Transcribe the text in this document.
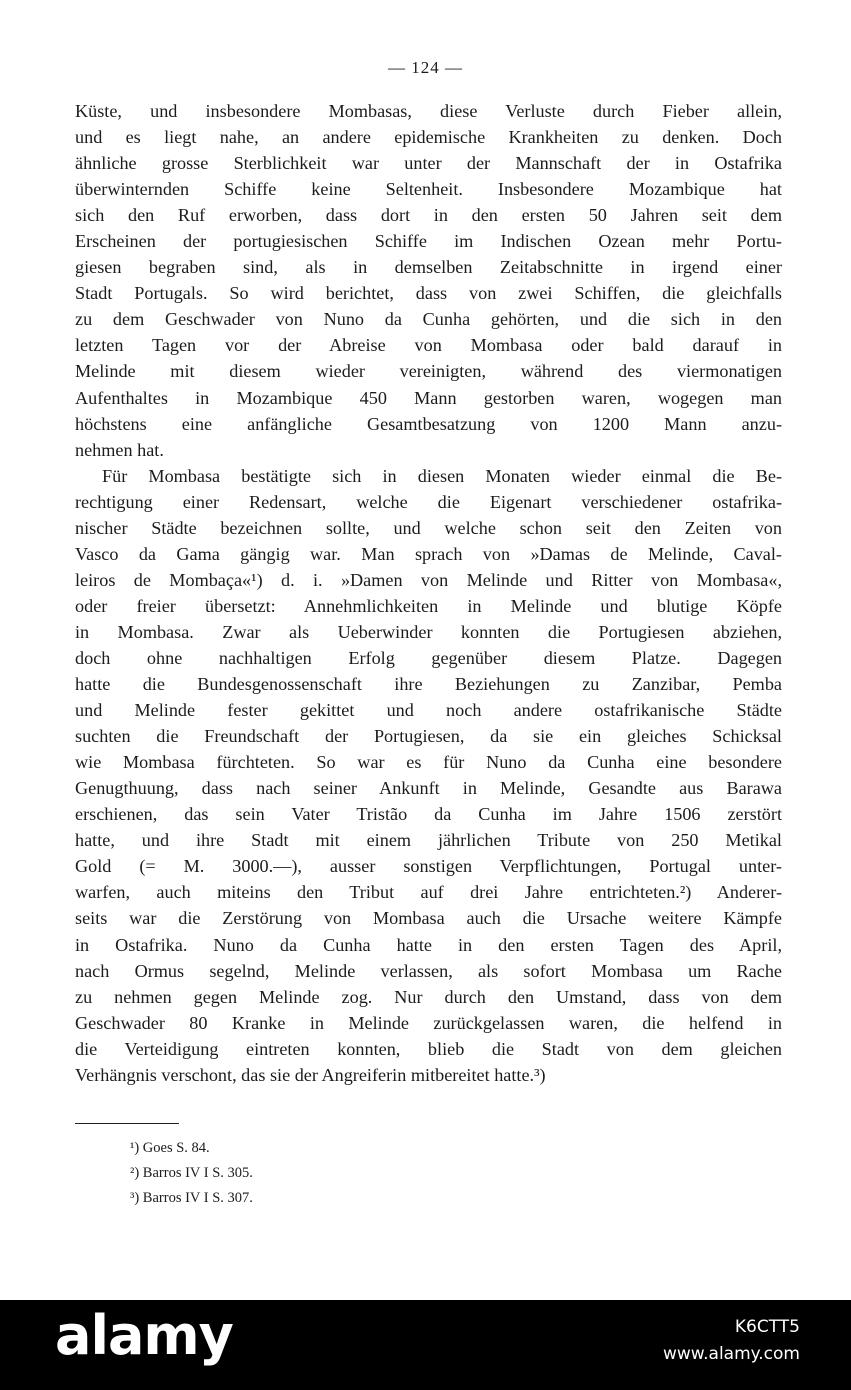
— 124 —
Küste, und insbesondere Mombasas, diese Verluste durch Fieber allein,
und es liegt nahe, an andere epidemische Krankheiten zu denken. Doch
ähnliche grosse Sterblichkeit war unter der Mannschaft der in Ostafrika
überwinternden Schiffe keine Seltenheit. Insbesondere Mozambique hat
sich den Ruf erworben, dass dort in den ersten 50 Jahren seit dem
Erscheinen der portugiesischen Schiffe im Indischen Ozean mehr Portu-
giesen begraben sind, als in demselben Zeitabschnitte in irgend einer
Stadt Portugals. So wird berichtet, dass von zwei Schiffen, die gleichfalls
zu dem Geschwader von Nuno da Cunha gehörten, und die sich in den
letzten Tagen vor der Abreise von Mombasa oder bald darauf in
Melinde mit diesem wieder vereinigten, während des viermonatigen
Aufenthaltes in Mozambique 450 Mann gestorben waren, wogegen man
höchstens eine anfängliche Gesamtbesatzung von 1200 Mann anzu-
nehmen hat.
Für Mombasa bestätigte sich in diesen Monaten wieder einmal die Be-
rechtigung einer Redensart, welche die Eigenart verschiedener ostafrika-
nischer Städte bezeichnen sollte, und welche schon seit den Zeiten von
Vasco da Gama gängig war. Man sprach von »Damas de Melinde, Caval-
leiros de Mombaça«¹) d. i. »Damen von Melinde und Ritter von Mombasa«,
oder freier übersetzt: Annehmlichkeiten in Melinde und blutige Köpfe
in Mombasa. Zwar als Ueberwinder konnten die Portugiesen abziehen,
doch ohne nachhaltigen Erfolg gegenüber diesem Platze. Dagegen
hatte die Bundesgenossenschaft ihre Beziehungen zu Zanzibar, Pemba
und Melinde fester gekittet und noch andere ostafrikanische Städte
suchten die Freundschaft der Portugiesen, da sie ein gleiches Schicksal
wie Mombasa fürchteten. So war es für Nuno da Cunha eine besondere
Genugthuung, dass nach seiner Ankunft in Melinde, Gesandte aus Barawa
erschienen, das sein Vater Tristão da Cunha im Jahre 1506 zerstört
hatte, und ihre Stadt mit einem jährlichen Tribute von 250 Metikal
Gold (= M. 3000.—), ausser sonstigen Verpflichtungen, Portugal unter-
warfen, auch miteins den Tribut auf drei Jahre entrichteten.²) Anderer-
seits war die Zerstörung von Mombasa auch die Ursache weitere Kämpfe
in Ostafrika. Nuno da Cunha hatte in den ersten Tagen des April,
nach Ormus segelnd, Melinde verlassen, als sofort Mombasa um Rache
zu nehmen gegen Melinde zog. Nur durch den Umstand, dass von dem
Geschwader 80 Kranke in Melinde zurückgelassen waren, die helfend in
die Verteidigung eintreten konnten, blieb die Stadt von dem gleichen
Verhängnis verschont, das sie der Angreiferin mitbereitet hatte.³)
¹) Goes S. 84.
²) Barros IV I S. 305.
³) Barros IV I S. 307.
alamy	K6CTT5
www.alamy.com
